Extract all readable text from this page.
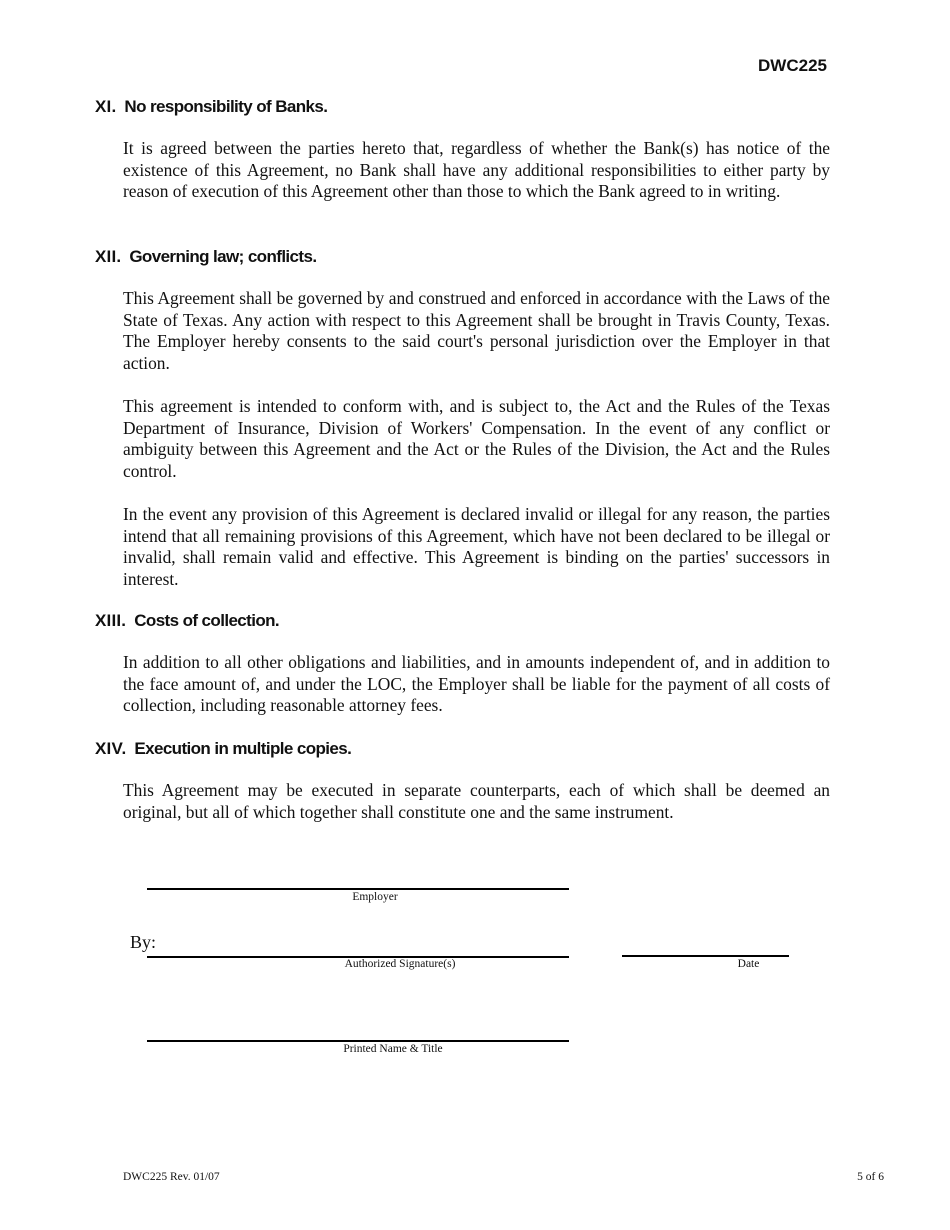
DWC225
XI. No responsibility of Banks.

It is agreed between the parties hereto that, regardless of whether the Bank(s) has notice of the existence of this Agreement, no Bank shall have any additional responsibilities to either party by reason of execution of this Agreement other than those to which the Bank agreed to in writing.

XII. Governing law; conflicts.

This Agreement shall be governed by and construed and enforced in accordance with the Laws of the State of Texas. Any action with respect to this Agreement shall be brought in Travis County, Texas. The Employer hereby consents to the said court's personal jurisdiction over the Employer in that action.

This agreement is intended to conform with, and is subject to, the Act and the Rules of the Texas Department of Insurance, Division of Workers' Compensation. In the event of any conflict or ambiguity between this Agreement and the Act or the Rules of the Division, the Act and the Rules control.

In the event any provision of this Agreement is declared invalid or illegal for any reason, the parties intend that all remaining provisions of this Agreement, which have not been declared to be illegal or invalid, shall remain valid and effective. This Agreement is binding on the parties' successors in interest.

XIII. Costs of collection.

In addition to all other obligations and liabilities, and in amounts independent of, and in addition to the face amount of, and under the LOC, the Employer shall be liable for the payment of all costs of collection, including reasonable attorney fees.

XIV. Execution in multiple copies.

This Agreement may be executed in separate counterparts, each of which shall be deemed an original, but all of which together shall constitute one and the same instrument.

Employer
By:
Authorized Signature(s)	Date
Printed Name & Title
DWC225 Rev. 01/07	5 of 6
